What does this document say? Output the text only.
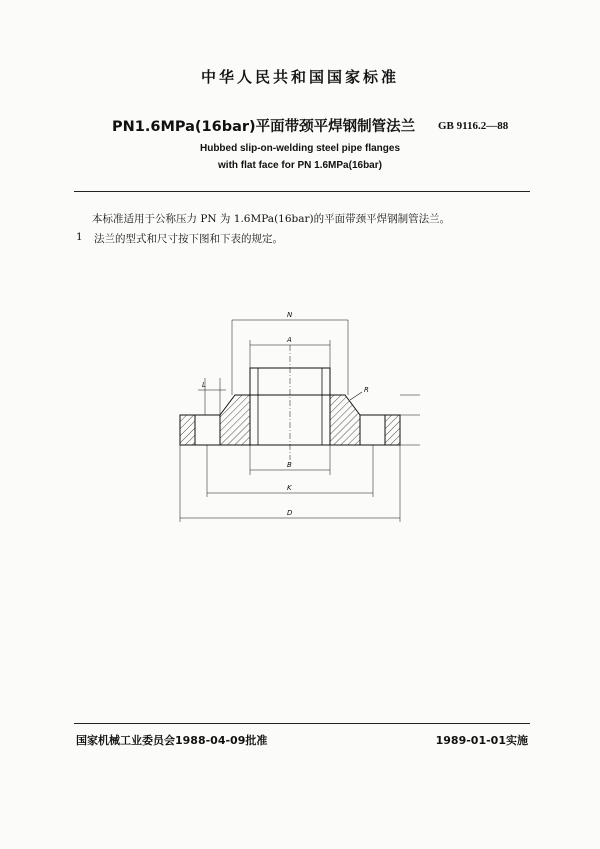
中华人民共和国国家标准
PN1.6MPa(16bar)平面带颈平焊钢制管法兰 GB 9116.2—88
Hubbed slip-on-welding steel pipe flanges
with flat face for PN 1.6MPa(16bar)
本标准适用于公称压力 PN 为 1.6MPa(16bar)的平面带颈平焊钢制管法兰。
1 法兰的型式和尺寸按下图和下表的规定。
N
A
L
R
B
K
D
国家机械工业委员会1988-04-09批准	1989-01-01实施
